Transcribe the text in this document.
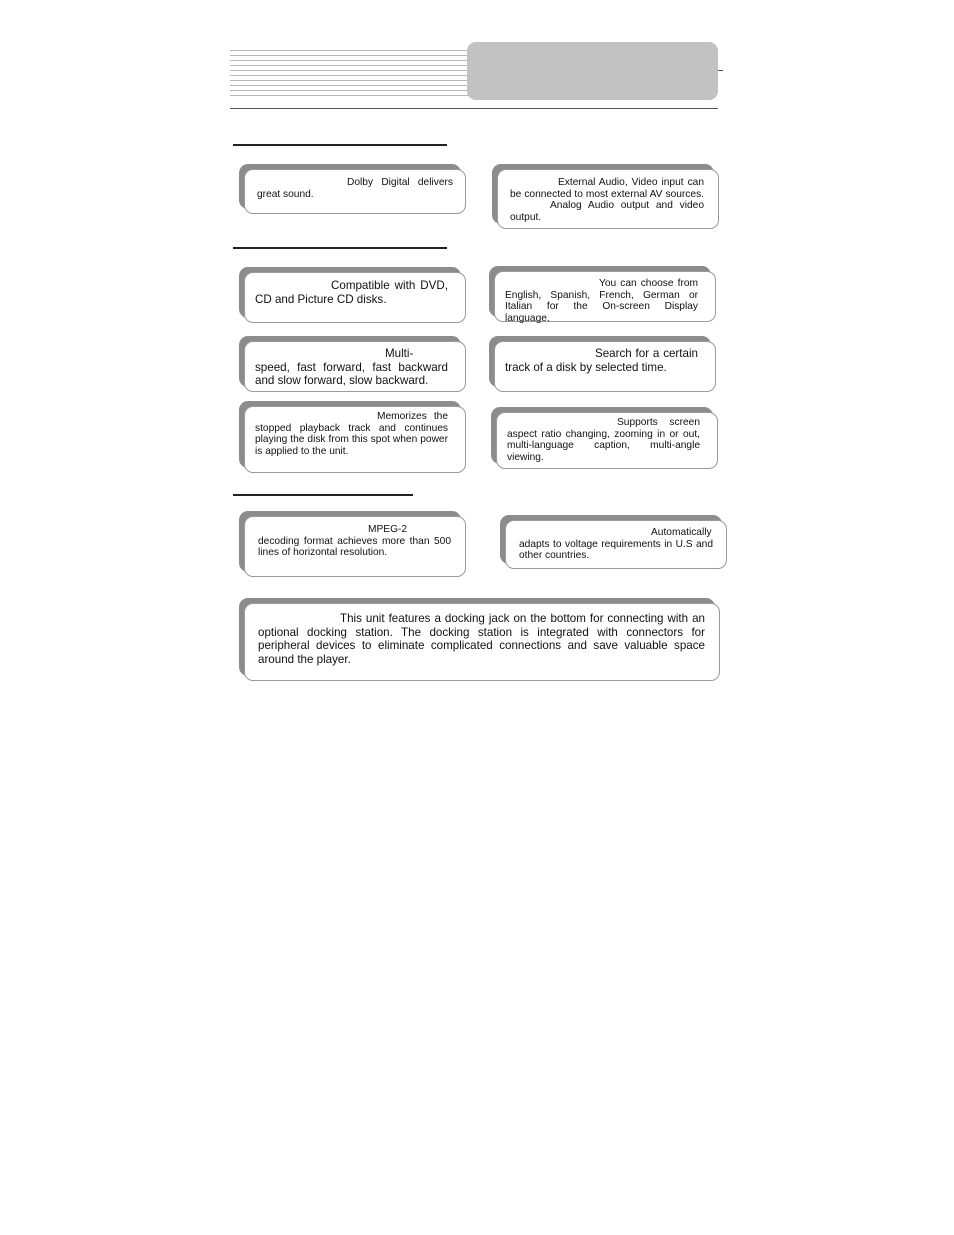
Dolby Digital delivers great sound.

External Audio, Video input can be connected to most external AV sources. Analog Audio output and video output.

Compatible with DVD, CD and Picture CD disks.

You can choose from English, Spanish, French, German or Italian for the On-screen Display language.

Multi-speed, fast forward, fast backward and slow forward, slow backward.

Search for a certain track of a disk by selected time.

Memorizes the stopped playback track and continues playing the disk from this spot when power is applied to the unit.

Supports screen aspect ratio changing, zooming in or out, multi-language caption, multi-angle viewing.

MPEG-2 decoding format achieves more than 500 lines of horizontal resolution.

Automatically adapts to voltage requirements in U.S and other countries.

This unit features a docking jack on the bottom for connecting with an optional docking station. The docking station is integrated with connectors for peripheral devices to eliminate complicated connections and save valuable space around the player.
